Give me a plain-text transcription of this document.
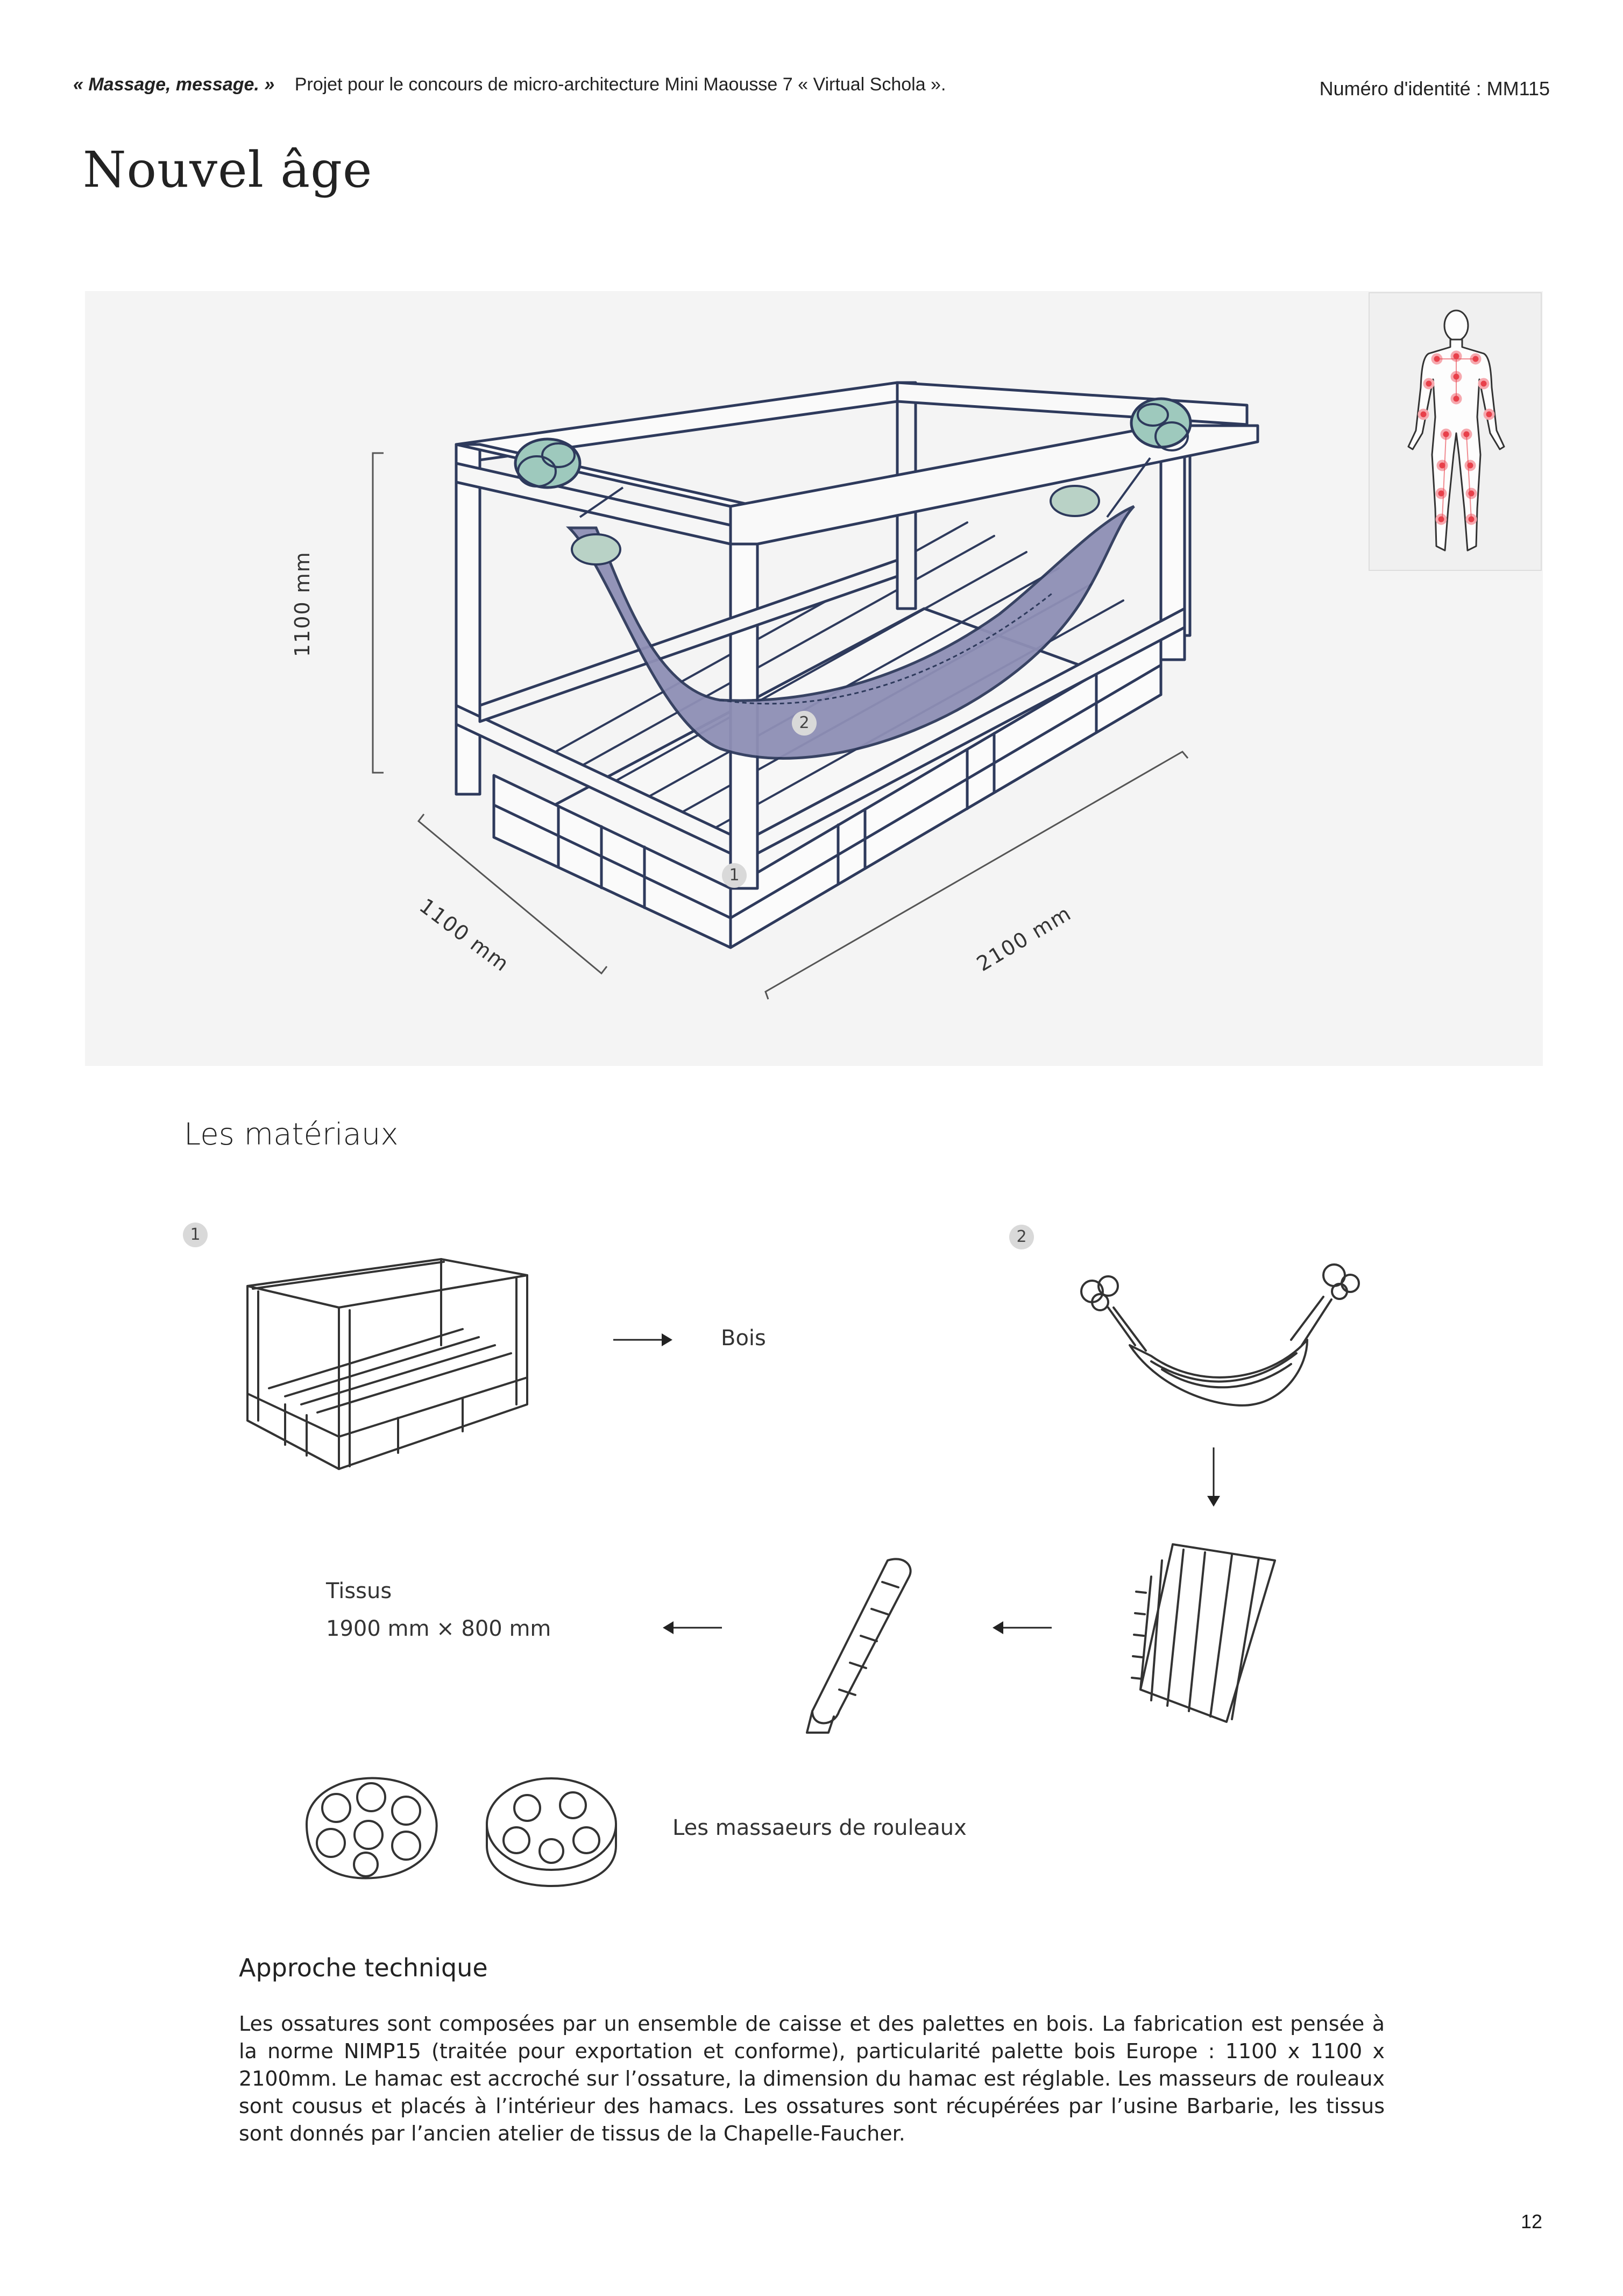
« Massage, message. » Projet pour le concours de micro-architecture Mini Maousse 7 « Virtual Schola ».	Numéro d'identité : MM115
Nouvel âge
1100 mm
1100 mm	2100 mm
1
2
Les matériaux
1	2
Bois
Tissus
1900 mm × 800 mm
Les massaeurs de rouleaux
Approche technique
Les ossatures sont composées par un ensemble de caisse et des palettes en bois. La fabrication est pensée à la norme NIMP15 (traitée pour exportation et conforme), particularité palette bois Europe : 1100 x 1100 x 2100mm. Le hamac est accroché sur l’ossature, la dimension du hamac est réglable. Les masseurs de rouleaux sont cousus et placés à l’intérieur des hamacs. Les ossatures sont récupérées par l’usine Barbarie, les tissus sont donnés par l’ancien atelier de tissus de la Chapelle-Faucher.
12
